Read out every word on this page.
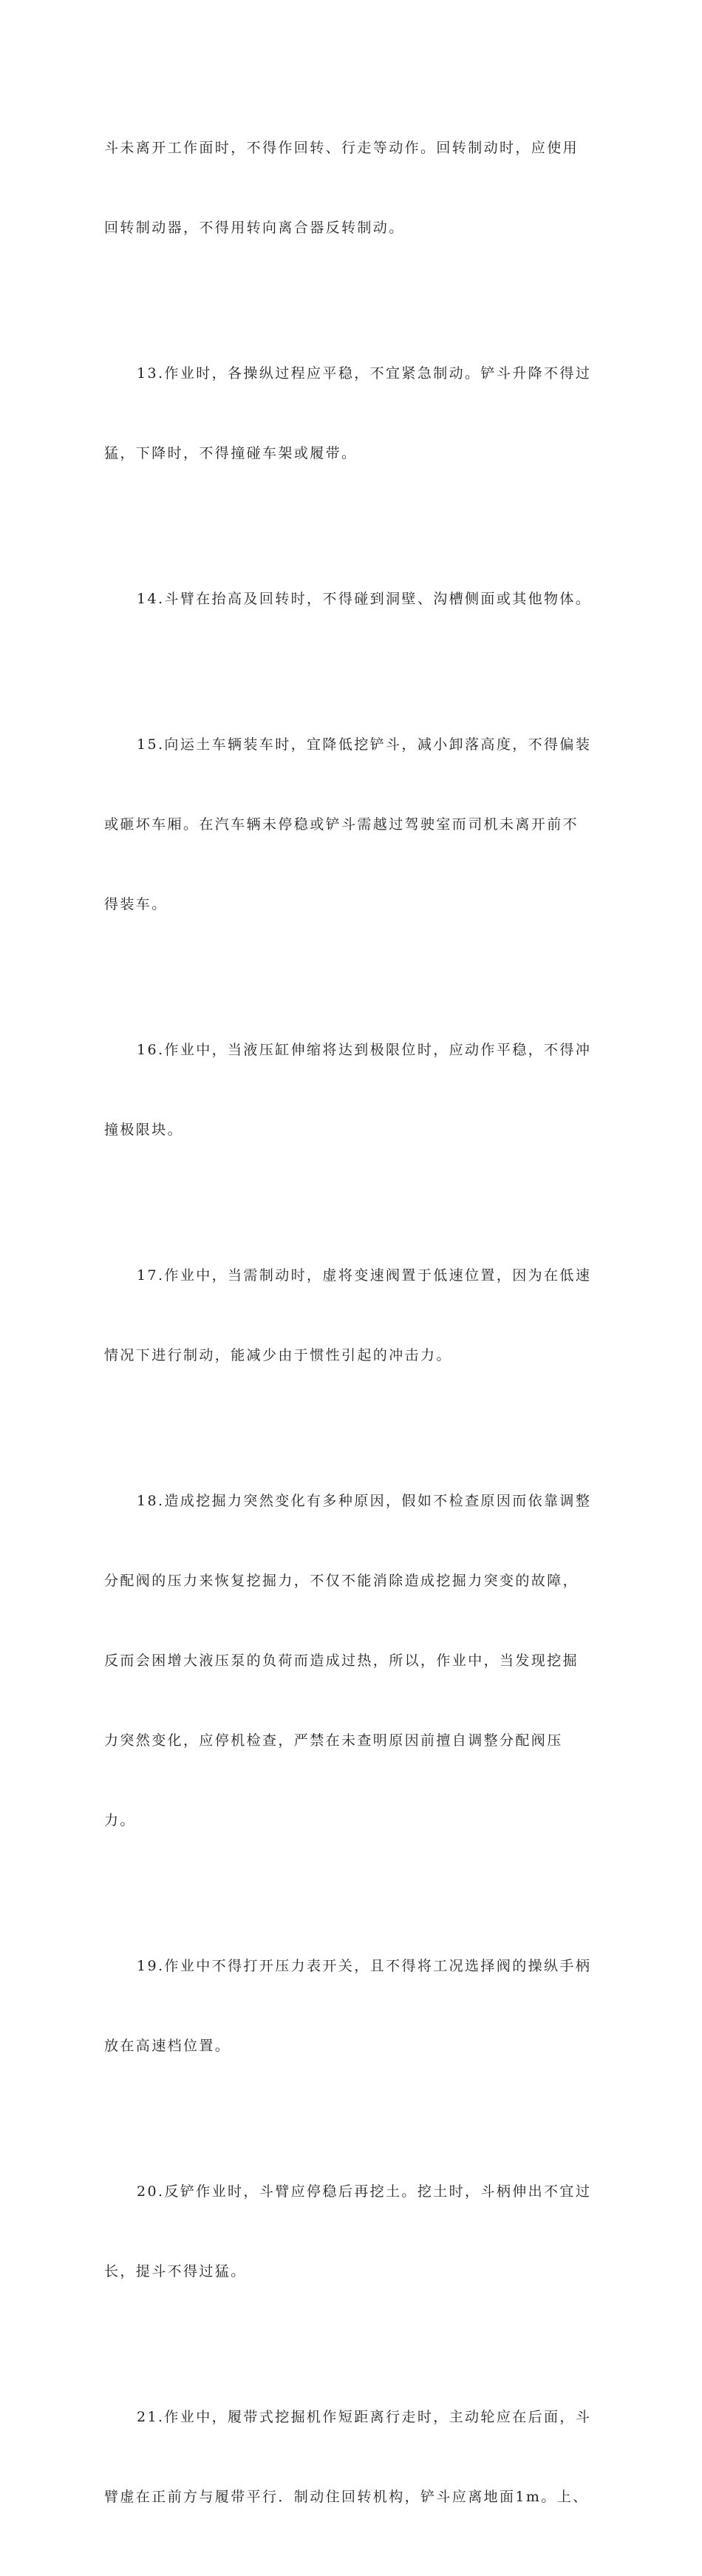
斗未离开工作面时，不得作回转、行走等动作。回转制动时，应使用

回转制动器，不得用转向离合器反转制动。

13.作业时，各操纵过程应平稳，不宜紧急制动。铲斗升降不得过

猛，下降时，不得撞碰车架或履带。

14.斗臂在抬高及回转时，不得碰到洞壁、沟槽侧面或其他物体。

15.向运土车辆装车时，宜降低挖铲斗，减小卸落高度，不得偏装

或砸坏车厢。在汽车辆未停稳或铲斗需越过驾驶室而司机未离开前不

得装车。

16.作业中，当液压缸伸缩将达到极限位时，应动作平稳，不得冲

撞极限块。

17.作业中，当需制动时，虚将变速阀置于低速位置，因为在低速

情况下进行制动，能减少由于惯性引起的冲击力。

18.造成挖掘力突然变化有多种原因，假如不检查原因而依靠调整

分配阀的压力来恢复挖掘力，不仅不能消除造成挖掘力突变的故障，

反而会困增大液压泵的负荷而造成过热，所以，作业中，当发现挖掘

力突然变化，应停机检查，严禁在未查明原因前擅自调整分配阀压

力。

19.作业中不得打开压力表开关，且不得将工况选择阀的操纵手柄

放在高速档位置。

20.反铲作业时，斗臂应停稳后再挖土。挖土时，斗柄伸出不宜过

长，提斗不得过猛。

21.作业中，履带式挖掘机作短距离行走时，主动轮应在后面，斗

臂虚在正前方与履带平行．制动住回转机构，铲斗应离地面1m。上、
